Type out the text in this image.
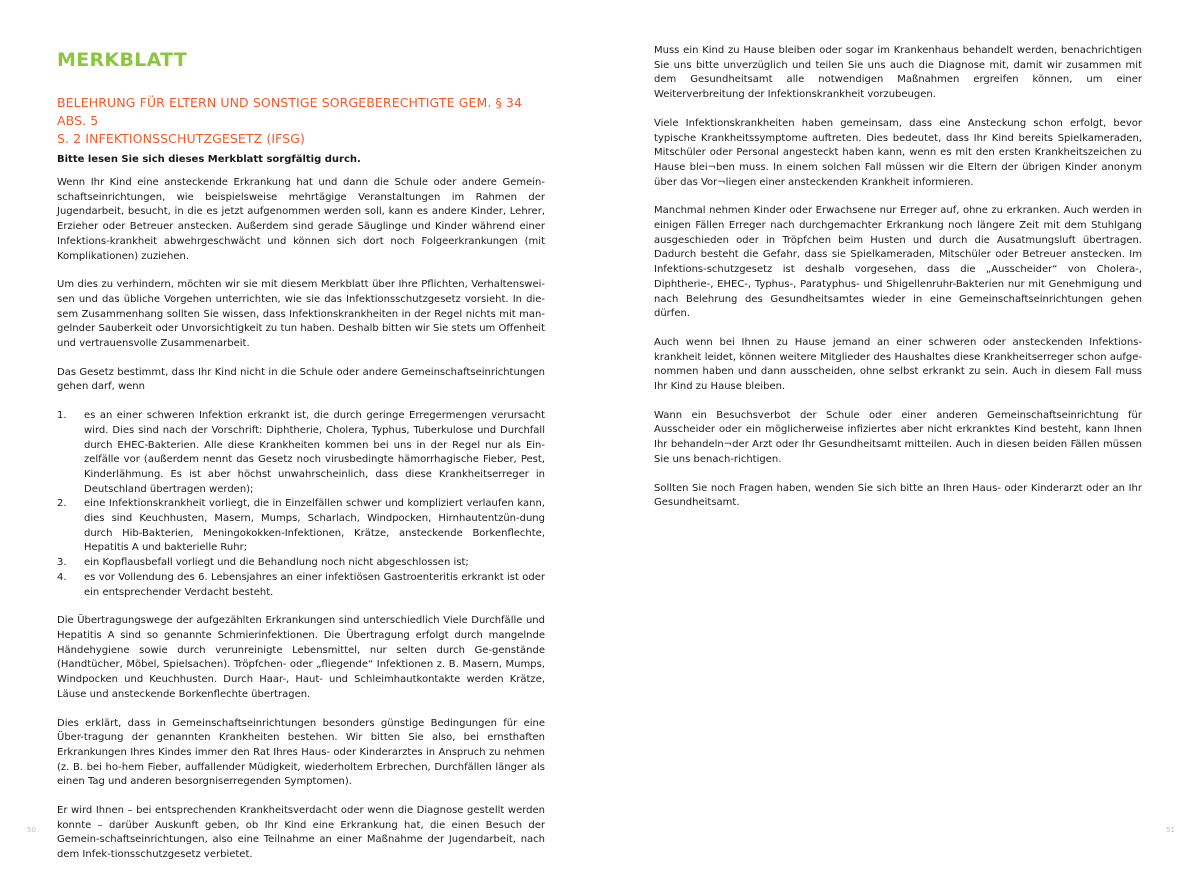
MERKBLATT
BELEHRUNG FÜR ELTERN UND SONSTIGE SORGEBERECHTIGTE GEM. § 34 ABS. 5
S. 2 INFEKTIONSSCHUTZGESETZ (IFSG)
Bitte lesen Sie sich dieses Merkblatt sorgfältig durch.

Wenn Ihr Kind eine ansteckende Erkrankung hat und dann die Schule oder andere Gemein-schaftseinrichtungen, wie beispielsweise mehrtägige Veranstaltungen im Rahmen der Jugendarbeit, besucht, in die es jetzt aufgenommen werden soll, kann es andere Kinder, Lehrer, Erzieher oder Betreuer anstecken. Außerdem sind gerade Säuglinge und Kinder während einer Infektions-krankheit abwehrgeschwächt und können sich dort noch Folgeerkrankungen (mit Komplikationen) zuziehen.

Um dies zu verhindern, möchten wir sie mit diesem Merkblatt über Ihre Pflichten, Verhaltenswei-sen und das übliche Vorgehen unterrichten, wie sie das Infektionsschutzgesetz vorsieht. In die-sem Zusammenhang sollten Sie wissen, dass Infektionskrankheiten in der Regel nichts mit man-gelnder Sauberkeit oder Unvorsichtigkeit zu tun haben. Deshalb bitten wir Sie stets um Offenheit und vertrauensvolle Zusammenarbeit.

Das Gesetz bestimmt, dass Ihr Kind nicht in die Schule oder andere Gemeinschaftseinrichtungen gehen darf, wenn

1.	es an einer schweren Infektion erkrankt ist, die durch geringe Erregermengen verursacht wird. Dies sind nach der Vorschrift: Diphtherie, Cholera, Typhus, Tuberkulose und Durchfall durch EHEC-Bakterien. Alle diese Krankheiten kommen bei uns in der Regel nur als Ein-zelfälle vor (außerdem nennt das Gesetz noch virusbedingte hämorrhagische Fieber, Pest, Kinderlähmung. Es ist aber höchst unwahrscheinlich, dass diese Krankheitserreger in Deutschland übertragen werden);
2.	eine Infektionskrankheit vorliegt, die in Einzelfällen schwer und kompliziert verlaufen kann, dies sind Keuchhusten, Masern, Mumps, Scharlach, Windpocken, Hirnhautentzün-dung durch Hib-Bakterien, Meningokokken-Infektionen, Krätze, ansteckende Borkenflechte, Hepatitis A und bakterielle Ruhr;
3.	ein Kopflausbefall vorliegt und die Behandlung noch nicht abgeschlossen ist;
4.	es vor Vollendung des 6. Lebensjahres an einer infektiösen Gastroenteritis erkrankt ist oder ein entsprechender Verdacht besteht.

Die Übertragungswege der aufgezählten Erkrankungen sind unterschiedlich Viele Durchfälle und Hepatitis A sind so genannte Schmierinfektionen. Die Übertragung erfolgt durch mangelnde Händehygiene sowie durch verunreinigte Lebensmittel, nur selten durch Ge-genstände (Handtücher, Möbel, Spielsachen). Tröpfchen- oder „fliegende“ Infektionen z. B. Masern, Mumps, Windpocken und Keuchhusten. Durch Haar-, Haut- und Schleimhautkontakte werden Krätze, Läuse und ansteckende Borkenflechte übertragen.

Dies erklärt, dass in Gemeinschaftseinrichtungen besonders günstige Bedingungen für eine Über-tragung der genannten Krankheiten bestehen. Wir bitten Sie also, bei ernsthaften Erkrankungen Ihres Kindes immer den Rat Ihres Haus- oder Kinderarztes in Anspruch zu nehmen (z. B. bei ho-hem Fieber, auffallender Müdigkeit, wiederholtem Erbrechen, Durchfällen länger als einen Tag und anderen besorgniserregenden Symptomen).

Er wird Ihnen – bei entsprechenden Krankheitsverdacht oder wenn die Diagnose gestellt werden konnte – darüber Auskunft geben, ob Ihr Kind eine Erkrankung hat, die einen Besuch der Gemein-schaftseinrichtungen, also eine Teilnahme an einer Maßnahme der Jugendarbeit, nach dem Infek-tionsschutzgesetz verbietet.

50

Muss ein Kind zu Hause bleiben oder sogar im Krankenhaus behandelt werden, benachrichtigen Sie uns bitte unverzüglich und teilen Sie uns auch die Diagnose mit, damit wir zusammen mit dem Gesundheitsamt alle notwendigen Maßnahmen ergreifen können, um einer Weiterverbreitung der Infektionskrankheit vorzubeugen.

Viele Infektionskrankheiten haben gemeinsam, dass eine Ansteckung schon erfolgt, bevor typische Krankheitssymptome auftreten. Dies bedeutet, dass Ihr Kind bereits Spielkameraden, Mitschüler oder Personal angesteckt haben kann, wenn es mit den ersten Krankheitszeichen zu Hause blei¬ben muss. In einem solchen Fall müssen wir die Eltern der übrigen Kinder anonym über das Vor¬liegen einer ansteckenden Krankheit informieren.

Manchmal nehmen Kinder oder Erwachsene nur Erreger auf, ohne zu erkranken. Auch werden in einigen Fällen Erreger nach durchgemachter Erkrankung noch längere Zeit mit dem Stuhlgang ausgeschieden oder in Tröpfchen beim Husten und durch die Ausatmungsluft übertragen. Dadurch besteht die Gefahr, dass sie Spielkameraden, Mitschüler oder Betreuer anstecken. Im Infektions-schutzgesetz ist deshalb vorgesehen, dass die „Ausscheider“ von Cholera-, Diphtherie-, EHEC-, Typhus-, Paratyphus- und Shigellenruhr-Bakterien nur mit Genehmigung und nach Belehrung des Gesundheitsamtes wieder in eine Gemeinschaftseinrichtungen gehen dürfen.

Auch wenn bei Ihnen zu Hause jemand an einer schweren oder ansteckenden Infektions-krankheit leidet, können weitere Mitglieder des Haushaltes diese Krankheitserreger schon aufge-nommen haben und dann ausscheiden, ohne selbst erkrankt zu sein. Auch in diesem Fall muss Ihr Kind zu Hause bleiben.

Wann ein Besuchsverbot der Schule oder einer anderen Gemeinschaftseinrichtung für Ausscheider oder ein möglicherweise infiziertes aber nicht erkranktes Kind besteht, kann Ihnen Ihr behandeln¬der Arzt oder Ihr Gesundheitsamt mitteilen. Auch in diesen beiden Fällen müssen Sie uns benach-richtigen.

Sollten Sie noch Fragen haben, wenden Sie sich bitte an Ihren Haus- oder Kinderarzt oder an Ihr Gesundheitsamt.

51
